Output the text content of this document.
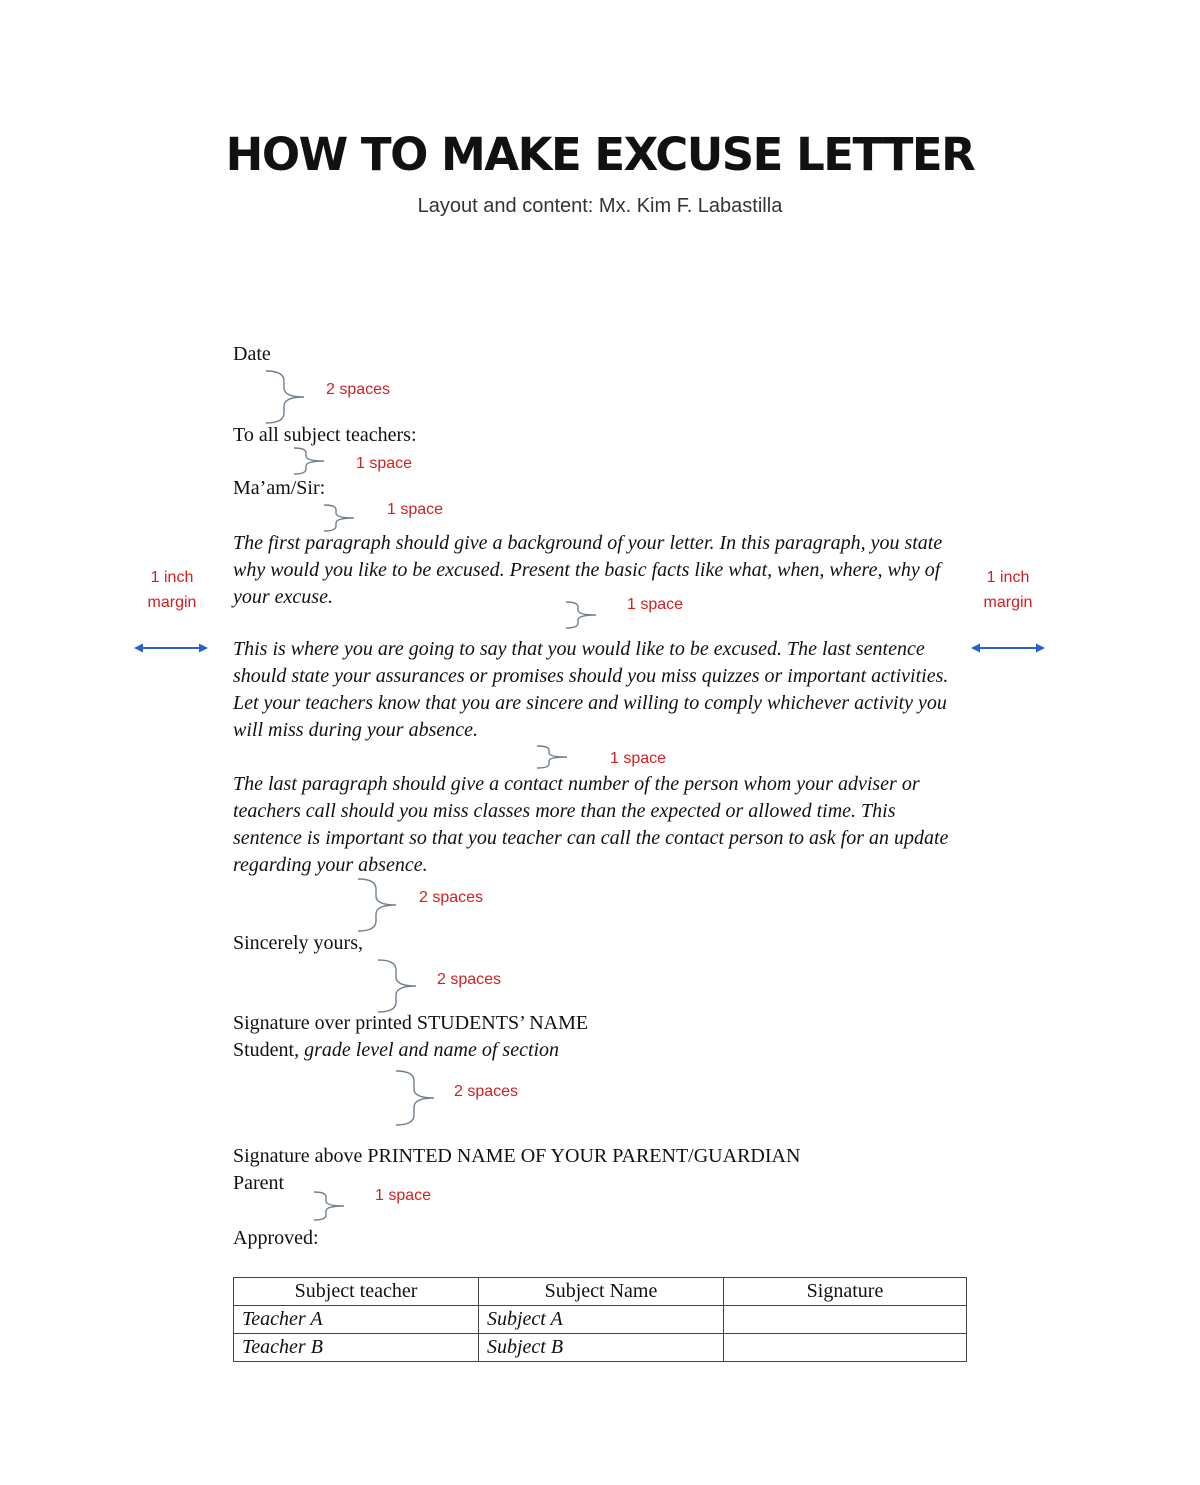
HOW TO MAKE EXCUSE LETTER
Layout and content: Mx. Kim F. Labastilla
1 inch
margin
1 inch
margin
Date
2 spaces
To all subject teachers:
1 space
Ma’am/Sir:
1 space
The first paragraph should give a background of your letter. In this paragraph, you state why would you like to be excused. Present the basic facts like what, when, where, why of your excuse.	1 space
This is where you are going to say that you would like to be excused. The last sentence should state your assurances or promises should you miss quizzes or important activities. Let your teachers know that you are sincere and willing to comply whichever activity you will miss during your absence.
1 space
The last paragraph should give a contact number of the person whom your adviser or teachers call should you miss classes more than the expected or allowed time. This sentence is important so that you teacher can call the contact person to ask for an update regarding your absence.
2 spaces
Sincerely yours,
2 spaces
Signature over printed STUDENTS’ NAME
Student, grade level and name of section
2 spaces
Signature above PRINTED NAME OF YOUR PARENT/GUARDIAN
Parent
1 space
Approved:
Subject teacher	Subject Name	Signature
Teacher A	Subject A	
Teacher B	Subject B	
